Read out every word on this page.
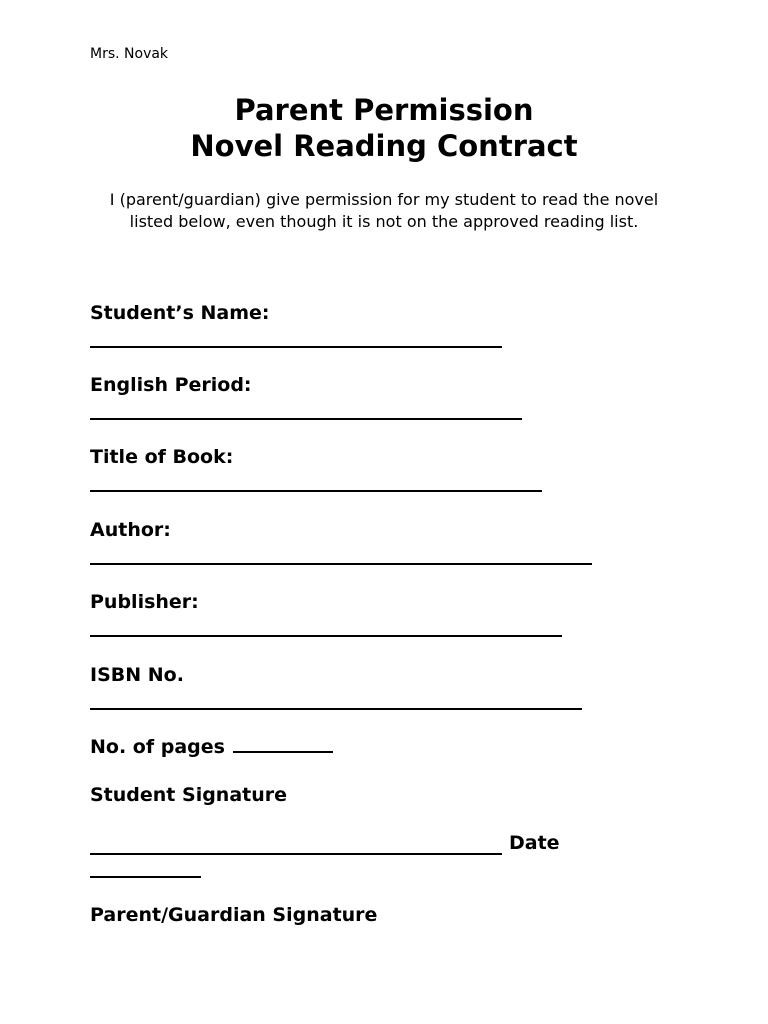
Mrs. Novak
Parent Permission
Novel Reading Contract

I (parent/guardian) give permission for my student to read the novel listed below, even though it is not on the approved reading list.

Student’s Name:
English Period:
Title of Book:
Author:
Publisher:
ISBN No.
No. of pages
Student Signature
Date
Parent/Guardian Signature
